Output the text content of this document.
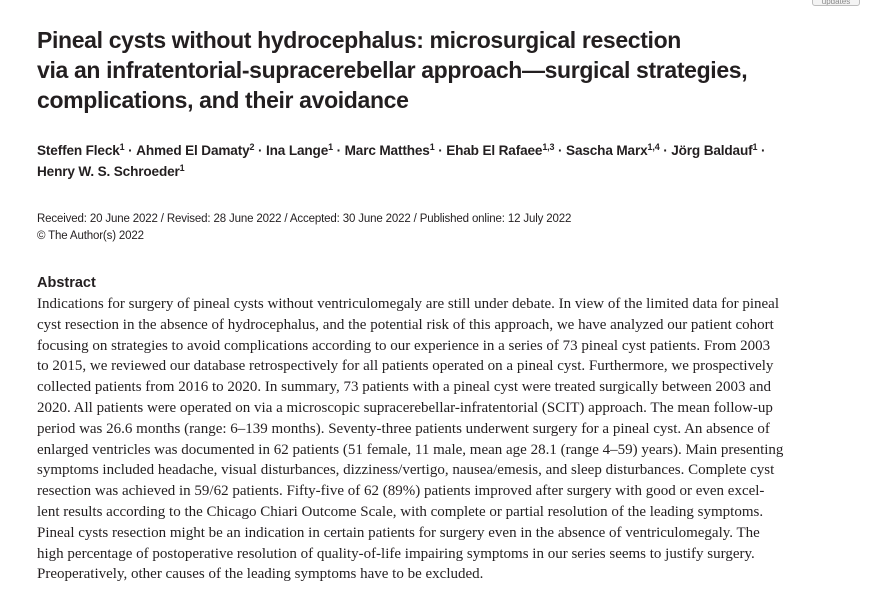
updates
Pineal cysts without hydrocephalus: microsurgical resection
via an infratentorial-supracerebellar approach—surgical strategies,
complications, and their avoidance

Steffen Fleck$^1$ · Ahmed El Damaty$^2$ · Ina Lange$^1$ · Marc Matthes$^1$ · Ehab El Rafaee$^{1,3}$ · Sascha Marx$^{1,4}$ · Jörg Baldauf$^1$ ·
Henry W. S. Schroeder$^1$

Received: 20 June 2022 / Revised: 28 June 2022 / Accepted: 30 June 2022 / Published online: 12 July 2022
© The Author(s) 2022
Abstract
Indications for surgery of pineal cysts without ventriculomegaly are still under debate. In view of the limited data for pineal
cyst resection in the absence of hydrocephalus, and the potential risk of this approach, we have analyzed our patient cohort
focusing on strategies to avoid complications according to our experience in a series of 73 pineal cyst patients. From 2003
to 2015, we reviewed our database retrospectively for all patients operated on a pineal cyst. Furthermore, we prospectively
collected patients from 2016 to 2020. In summary, 73 patients with a pineal cyst were treated surgically between 2003 and
2020. All patients were operated on via a microscopic supracerebellar-infratentorial (SCIT) approach. The mean follow-up
period was 26.6 months (range: 6–139 months). Seventy-three patients underwent surgery for a pineal cyst. An absence of
enlarged ventricles was documented in 62 patients (51 female, 11 male, mean age 28.1 (range 4–59) years). Main presenting
symptoms included headache, visual disturbances, dizziness/vertigo, nausea/emesis, and sleep disturbances. Complete cyst
resection was achieved in 59/62 patients. Fifty-five of 62 (89%) patients improved after surgery with good or even excel-
lent results according to the Chicago Chiari Outcome Scale, with complete or partial resolution of the leading symptoms.
Pineal cysts resection might be an indication in certain patients for surgery even in the absence of ventriculomegaly. The
high percentage of postoperative resolution of quality-of-life impairing symptoms in our series seems to justify surgery.
Preoperatively, other causes of the leading symptoms have to be excluded.
